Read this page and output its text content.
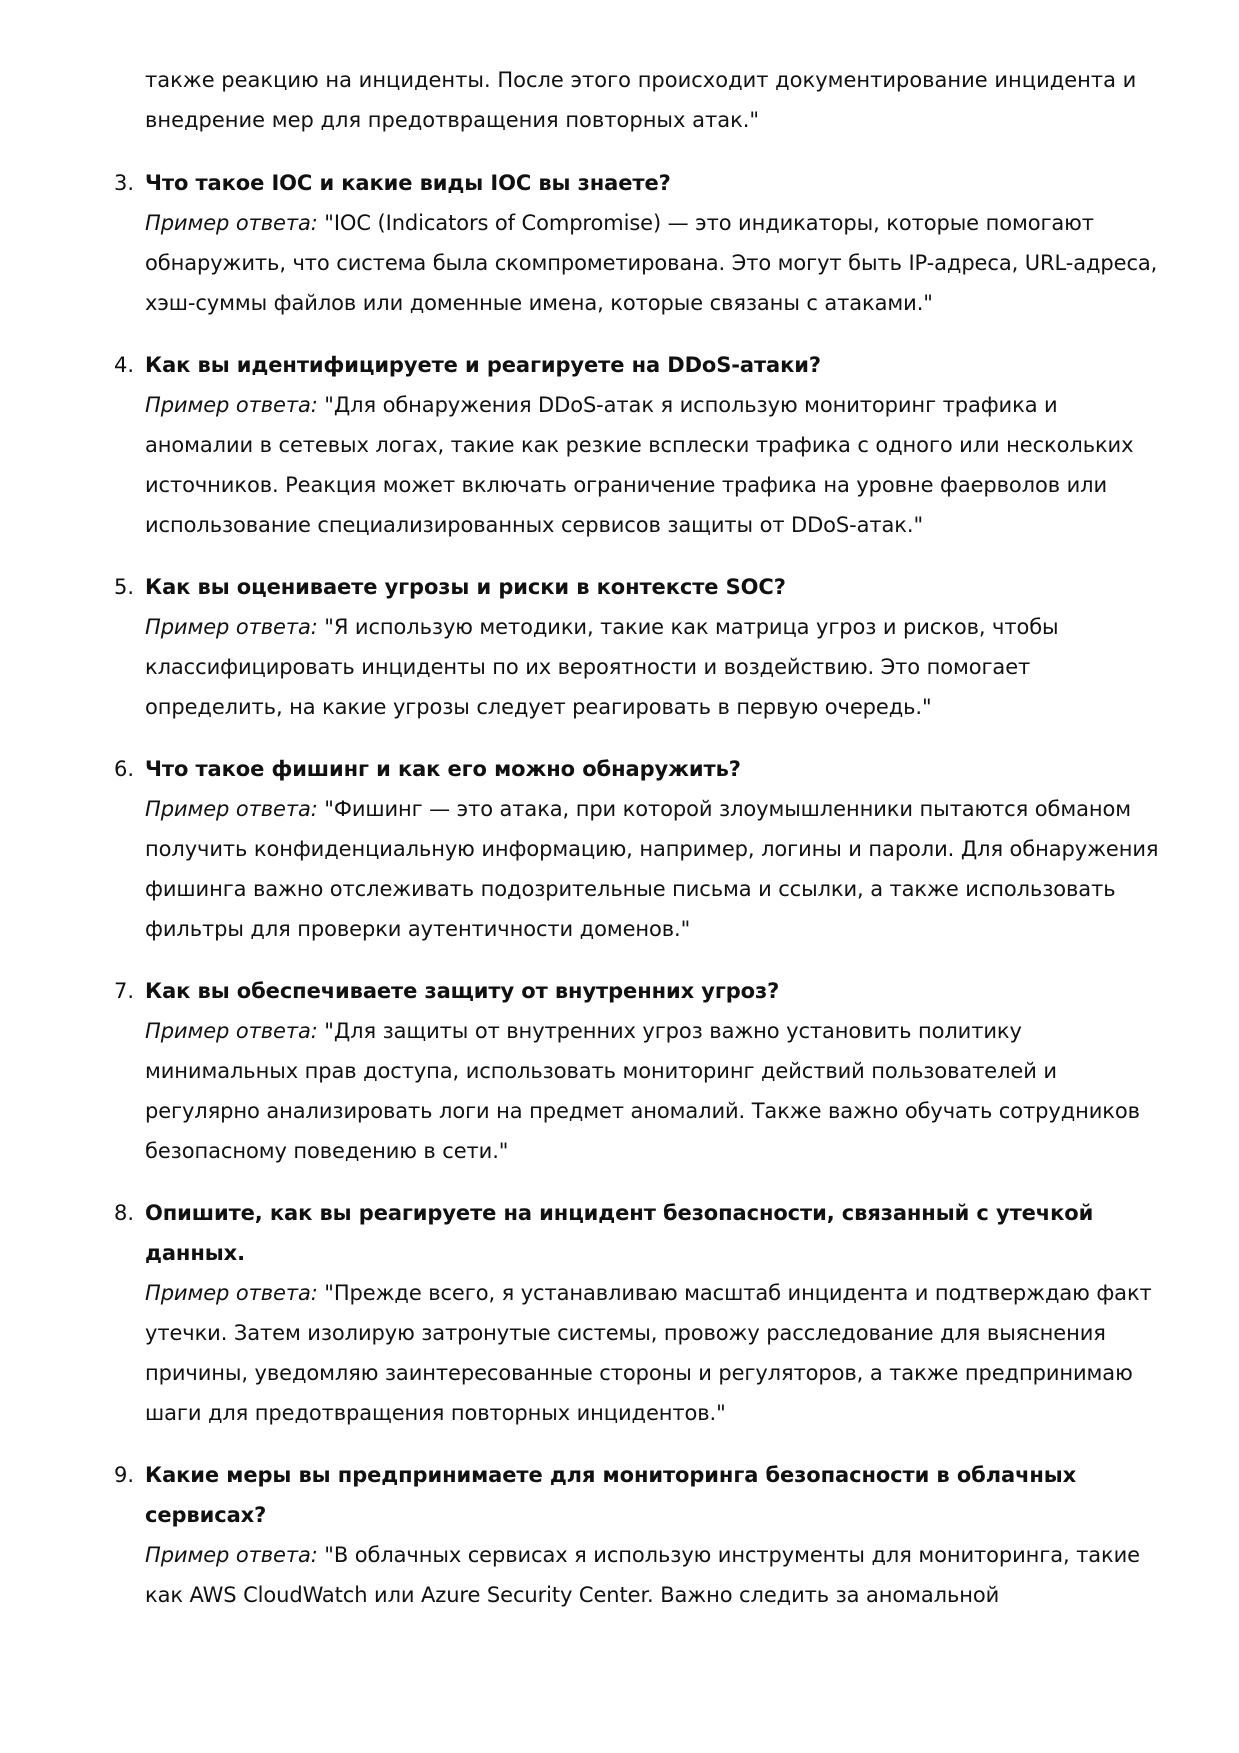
также реакцию на инциденты. После этого происходит документирование инцидента и внедрение мер для предотвращения повторных атак."

3. Что такое IOC и какие виды IOC вы знаете?

Пример ответа: "IOC (Indicators of Compromise) — это индикаторы, которые помогают обнаружить, что система была скомпрометирована. Это могут быть IP-адреса, URL-адреса, хэш-суммы файлов или доменные имена, которые связаны с атаками."

4. Как вы идентифицируете и реагируете на DDoS-атаки?

Пример ответа: "Для обнаружения DDoS-атак я использую мониторинг трафика и аномалии в сетевых логах, такие как резкие всплески трафика с одного или нескольких источников. Реакция может включать ограничение трафика на уровне фаерволов или использование специализированных сервисов защиты от DDoS-атак."

5. Как вы оцениваете угрозы и риски в контексте SOC?

Пример ответа: "Я использую методики, такие как матрица угроз и рисков, чтобы классифицировать инциденты по их вероятности и воздействию. Это помогает определить, на какие угрозы следует реагировать в первую очередь."

6. Что такое фишинг и как его можно обнаружить?

Пример ответа: "Фишинг — это атака, при которой злоумышленники пытаются обманом получить конфиденциальную информацию, например, логины и пароли. Для обнаружения фишинга важно отслеживать подозрительные письма и ссылки, а также использовать фильтры для проверки аутентичности доменов."

7. Как вы обеспечиваете защиту от внутренних угроз?

Пример ответа: "Для защиты от внутренних угроз важно установить политику минимальных прав доступа, использовать мониторинг действий пользователей и регулярно анализировать логи на предмет аномалий. Также важно обучать сотрудников безопасному поведению в сети."

8. Опишите, как вы реагируете на инцидент безопасности, связанный с утечкой данных.

Пример ответа: "Прежде всего, я устанавливаю масштаб инцидента и подтверждаю факт утечки. Затем изолирую затронутые системы, провожу расследование для выяснения причины, уведомляю заинтересованные стороны и регуляторов, а также предпринимаю шаги для предотвращения повторных инцидентов."

9. Какие меры вы предпринимаете для мониторинга безопасности в облачных сервисах?

Пример ответа: "В облачных сервисах я использую инструменты для мониторинга, такие как AWS CloudWatch или Azure Security Center. Важно следить за аномальной
